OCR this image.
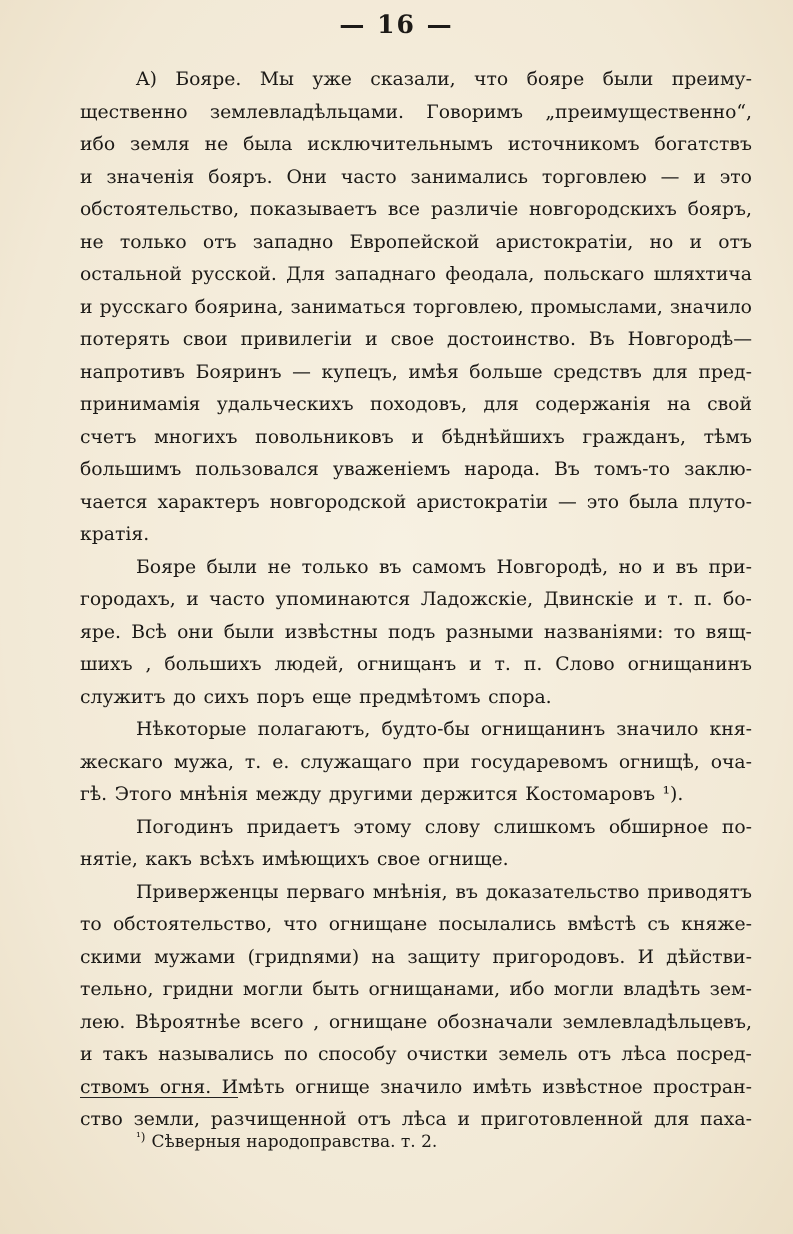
— 16 —
A) Бояре. Мы уже сказали, что бояре были преиму-
щественно землевладѣльцами. Говоримъ „преимущественно“,
ибо земля не была исключительнымъ источникомъ богатствъ
и значенія бояръ. Они часто занимались торговлею — и это
обстоятельство, показываетъ все различіе новгородскихъ бояръ,
не только отъ западно Европейской аристократіи, но и отъ
остальной русской. Для западнаго феодала, польскаго шляхтича
и русскаго боярина, заниматься торговлею, промыслами, значило
потерять свои привилегіи и свое достоинство. Въ Новгородѣ—
напротивъ Бояринъ — купецъ, имѣя больше средствъ для пред-
принимамія удальческихъ походовъ, для содержанія на свой
счетъ многихъ повольниковъ и бѣднѣйшихъ гражданъ, тѣмъ
большимъ пользовался уваженіемъ народа. Въ томъ-то заклю-
чается характеръ новгородской аристократіи — это была плуто-
кратія.
Бояре были не только въ самомъ Новгородѣ, но и въ при-
городахъ, и часто упоминаются Ладожскіе, Двинскіе и т. п. бо-
яре. Всѣ они были извѣстны подъ разными названіями: то вящ-
шихъ , большихъ людей, огнищанъ и т. п. Слово огнищанинъ
служитъ до сихъ поръ еще предмѣтомъ спора.
Нѣкоторые полагаютъ, будто-бы огнищанинъ значило кня-
жескаго мужа, т. е. служащаго при государевомъ огнищѣ, оча-
гѣ. Этого мнѣнія между другими держится Костомаровъ ¹).
Погодинъ придаетъ этому слову слишкомъ обширное по-
нятіе, какъ всѣхъ имѣющихъ свое огнище.
Приверженцы перваго мнѣнія, въ доказательство приводятъ
то обстоятельство, что огнищане посылались вмѣстѣ съ княже-
скими мужами (гридnями) на защиту пригородовъ. И дѣйстви-
тельно, гридни могли быть огнищанами, ибо могли владѣть зем-
лею. Вѣроятнѣе всего , огнищане обозначали землевладѣльцевъ,
и такъ назывались по способу очистки земель отъ лѣса посред-
ствомъ огня. Имѣть огнище значило имѣть извѣстное простран-
ство земли, разчищенной отъ лѣса и приготовленной для паха-
$^{^1)}$ Сѣверныя народоправства. т. 2.
